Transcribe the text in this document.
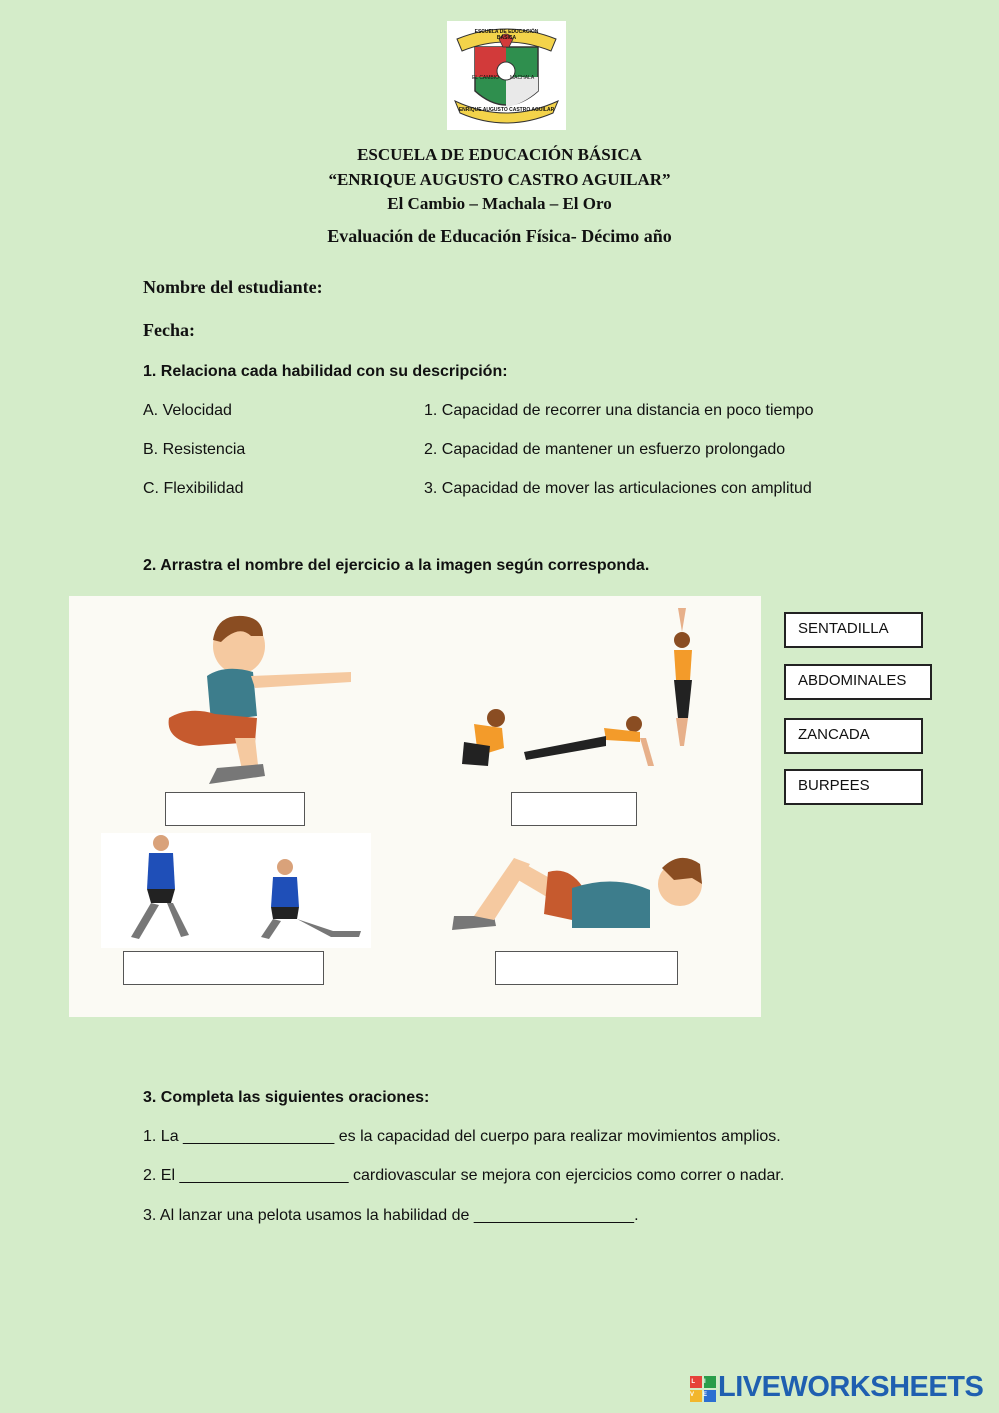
ESCUELA DE EDUCACIÓN BÁSICA
EL CAMBIO MACHALA
ENRIQUE AUGUSTO CASTRO AGUILAR
ESCUELA DE EDUCACIÓN BÁSICA
“ENRIQUE AUGUSTO CASTRO AGUILAR”
El Cambio – Machala – El Oro
Evaluación de Educación Física- Décimo año
Nombre del estudiante:
Fecha:
1. Relaciona cada habilidad con su descripción:
A. Velocidad
B. Resistencia
C. Flexibilidad
1. Capacidad de recorrer una distancia en poco tiempo
2. Capacidad de mantener un esfuerzo prolongado
3. Capacidad de mover las articulaciones con amplitud
2. Arrastra el nombre del ejercicio a la imagen según corresponda.
SENTADILLA
ABDOMINALES
ZANCADA
BURPEES
3. Completa las siguientes oraciones:
1. La _________________ es la capacidad del cuerpo para realizar movimientos amplios.
2. El ___________________ cardiovascular se mejora con ejercicios como correr o nadar.
3. Al lanzar una pelota usamos la habilidad de __________________.
LIVE LIVEWORKSHEETS
